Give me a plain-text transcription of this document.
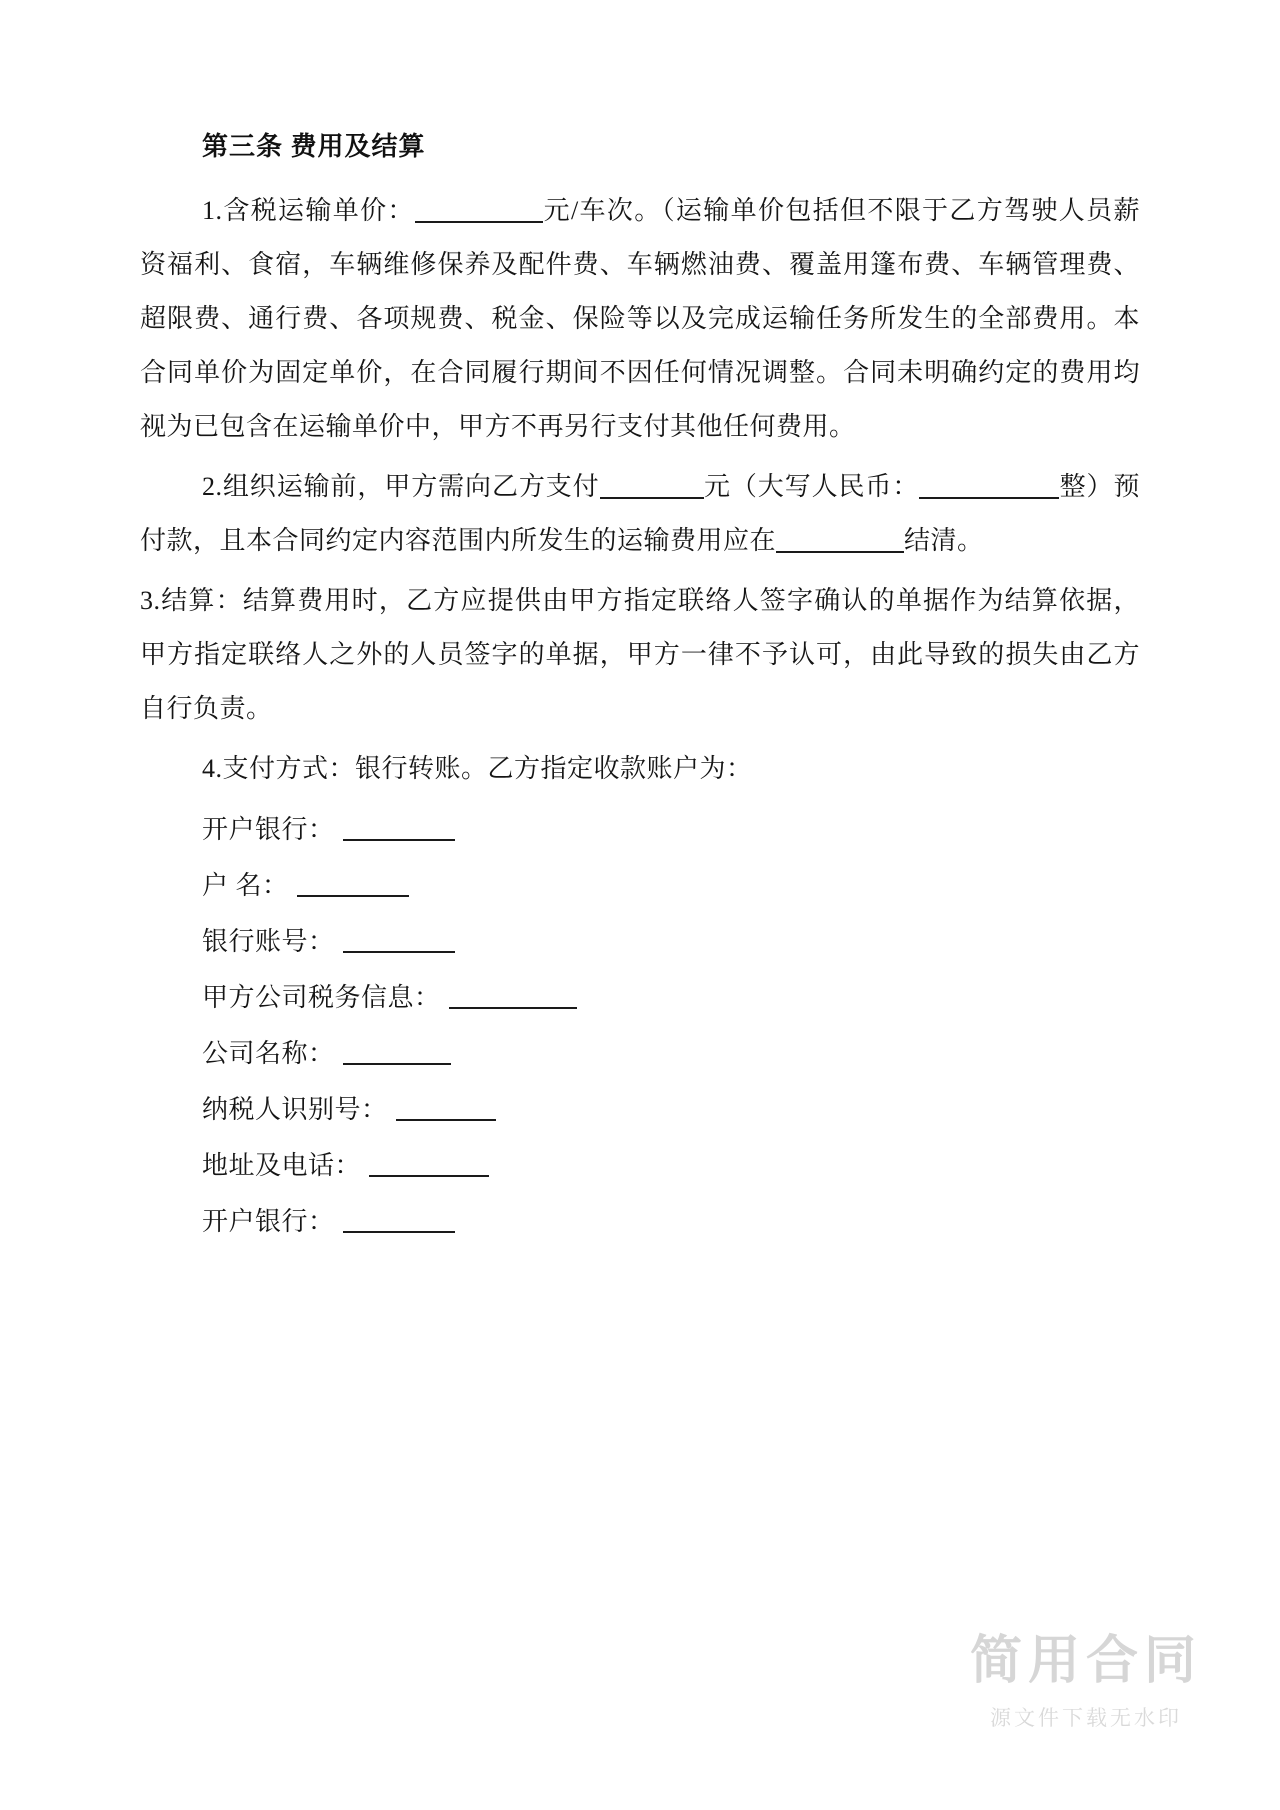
第三条 费用及结算

1.含税运输单价：	元/车次。（运输单价包括但不限于乙方驾驶人员薪资福利、食宿，车辆维修保养及配件费、车辆燃油费、覆盖用篷布费、车辆管理费、超限费、通行费、各项规费、税金、保险等以及完成运输任务所发生的全部费用。本合同单价为固定单价，在合同履行期间不因任何情况调整。合同未明确约定的费用均视为已包含在运输单价中，甲方不再另行支付其他任何费用。

2.组织运输前，甲方需向乙方支付	元（大写人民币：	整）预付款，且本合同约定内容范围内所发生的运输费用应在	结清。

3.结算：结算费用时，乙方应提供由甲方指定联络人签字确认的单据作为结算依据，甲方指定联络人之外的人员签字的单据，甲方一律不予认可，由此导致的损失由乙方自行负责。

4.支付方式：银行转账。乙方指定收款账户为：

开户银行：
户 名：
银行账号：
甲方公司税务信息：
公司名称：
纳税人识别号：
地址及电话：
开户银行：
简用合同
源文件下载无水印
